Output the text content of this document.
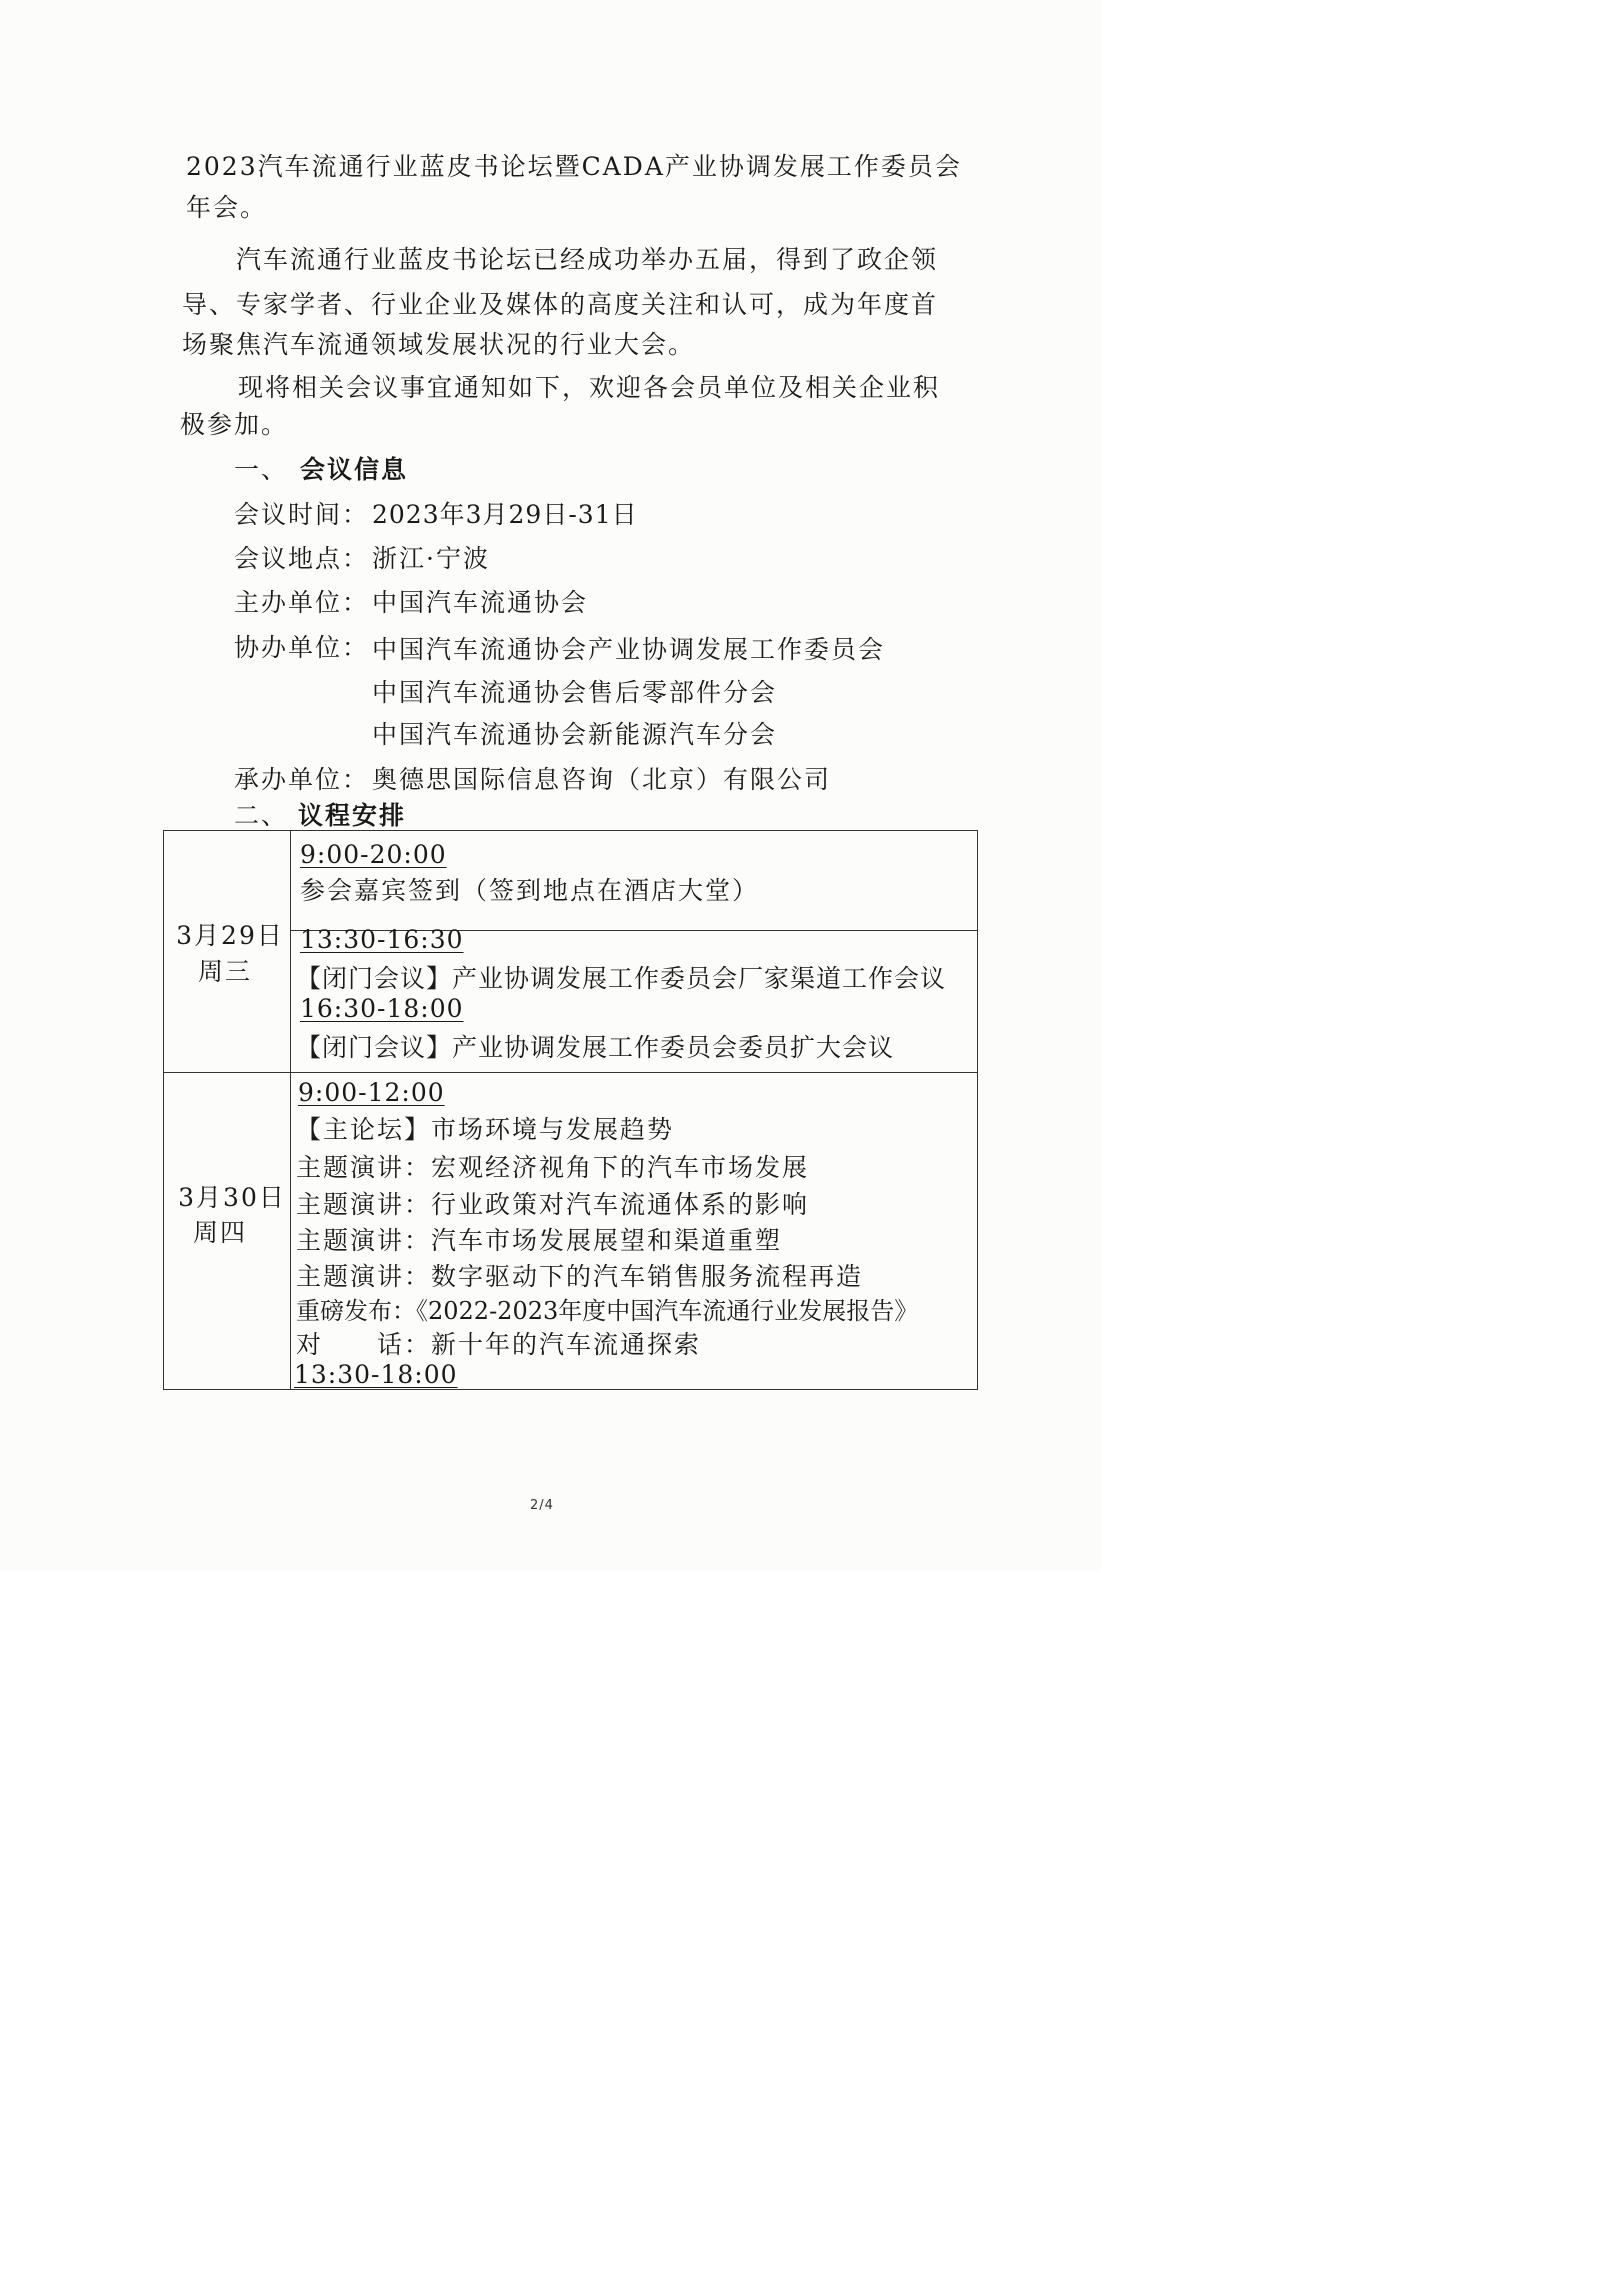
2023汽车流通行业蓝皮书论坛暨CADA产业协调发展工作委员会
年会。
汽车流通行业蓝皮书论坛已经成功举办五届，得到了政企领
导、专家学者、行业企业及媒体的高度关注和认可，成为年度首
场聚焦汽车流通领域发展状况的行业大会。
现将相关会议事宜通知如下，欢迎各会员单位及相关企业积
极参加。
一、 会议信息
会议时间： 2023年3月29日-31日
会议地点： 浙江·宁波
主办单位： 中国汽车流通协会
协办单位： 中国汽车流通协会产业协调发展工作委员会
中国汽车流通协会售后零部件分会
中国汽车流通协会新能源汽车分会
承办单位： 奥德思国际信息咨询（北京）有限公司
二、 议程安排
3月29日
周三
9:00-20:00
参会嘉宾签到（签到地点在酒店大堂）
13:30-16:30
【闭门会议】产业协调发展工作委员会厂家渠道工作会议
16:30-18:00
【闭门会议】产业协调发展工作委员会委员扩大会议
3月30日
周四
9:00-12:00
【主论坛】市场环境与发展趋势
主题演讲：宏观经济视角下的汽车市场发展
主题演讲：行业政策对汽车流通体系的影响
主题演讲：汽车市场发展展望和渠道重塑
主题演讲：数字驱动下的汽车销售服务流程再造
重磅发布：《2022-2023年度中国汽车流通行业发展报告》
对　　话：新十年的汽车流通探索
13:30-18:00
2/4
